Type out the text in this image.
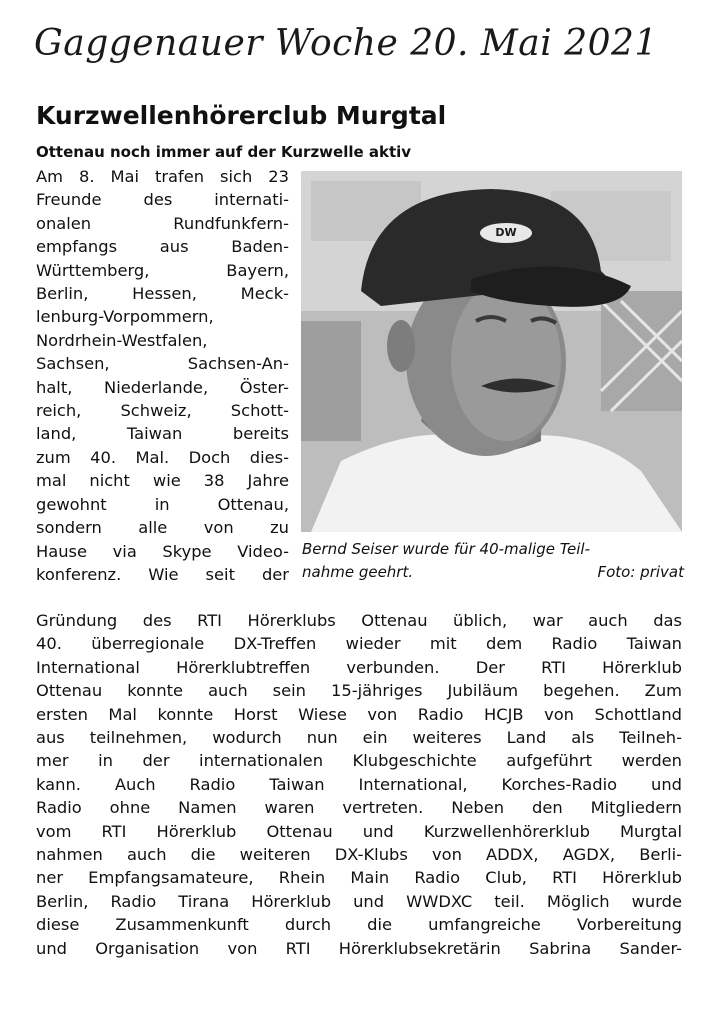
Gaggenauer Woche 20. Mai 2021
Kurzwellenhörerclub Murgtal
Ottenau noch immer auf der Kurzwelle aktiv
Am 8. Mai trafen sich 23
Freunde des internati-
onalen Rundfunkfern-
empfangs aus Baden-
Württemberg, Bayern,
Berlin, Hessen, Meck-
lenburg-Vorpommern,
Nordrhein-Westfalen,
Sachsen, Sachsen-An-
halt, Niederlande, Öster-
reich, Schweiz, Schott-
land, Taiwan bereits
zum 40. Mal. Doch dies-
mal nicht wie 38 Jahre
gewohnt in Ottenau,
sondern alle von zu
Hause via Skype Video-
konferenz. Wie seit der
DW
Bernd Seiser wurde für 40-malige Teil-
nahme geehrt.	Foto: privat
Gründung des RTI Hörerklubs Ottenau üblich, war auch das
40. überregionale DX-Treffen wieder mit dem Radio Taiwan
International Hörerklubtreffen verbunden. Der RTI Hörerklub
Ottenau konnte auch sein 15-jähriges Jubiläum begehen. Zum
ersten Mal konnte Horst Wiese von Radio HCJB von Schottland
aus teilnehmen, wodurch nun ein weiteres Land als Teilneh-
mer in der internationalen Klubgeschichte aufgeführt werden
kann. Auch Radio Taiwan International, Korches-Radio und
Radio ohne Namen waren vertreten. Neben den Mitgliedern
vom RTI Hörerklub Ottenau und Kurzwellenhörerklub Murgtal
nahmen auch die weiteren DX-Klubs von ADDX, AGDX, Berli-
ner Empfangsamateure, Rhein Main Radio Club, RTI Hörerklub
Berlin, Radio Tirana Hörerklub und WWDXC teil. Möglich wurde
diese Zusammenkunft durch die umfangreiche Vorbereitung
und Organisation von RTI Hörerklubsekretärin Sabrina Sander-
